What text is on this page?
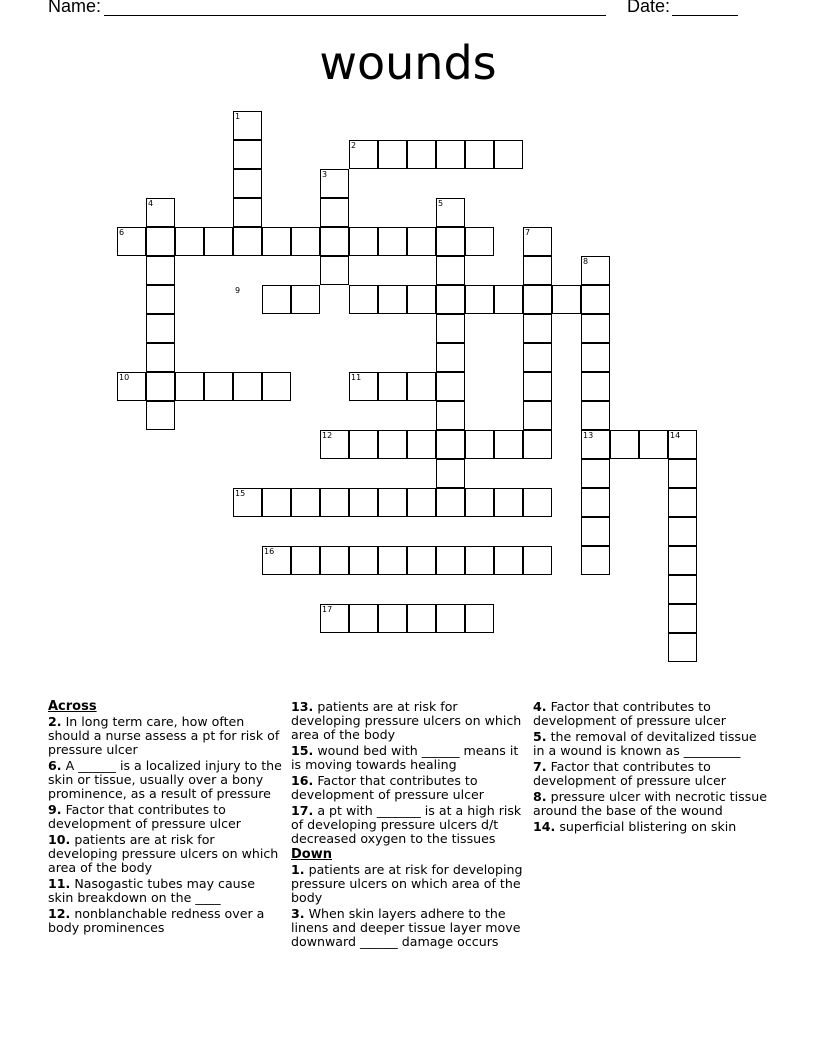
Name:	Date:
wounds
1
2
3
4	5
6	7
8
9
10	11
12	13	14
15
16
17
Across
2. In long term care, how often should a nurse assess a pt for risk of pressure ulcer
6. A ______ is a localized injury to the skin or tissue, usually over a bony prominence, as a result of pressure
9. Factor that contributes to development of pressure ulcer
10. patients are at risk for developing pressure ulcers on which area of the body
11. Nasogastic tubes may cause skin breakdown on the ____
12. nonblanchable redness over a body prominences
13. patients are at risk for developing pressure ulcers on which area of the body
15. wound bed with ______ means it is moving towards healing
16. Factor that contributes to development of pressure ulcer
17. a pt with _______ is at a high risk of developing pressure ulcers d/t decreased oxygen to the tissues
Down
1. patients are at risk for developing pressure ulcers on which area of the body
3. When skin layers adhere to the linens and deeper tissue layer move downward ______ damage occurs
4. Factor that contributes to development of pressure ulcer
5. the removal of devitalized tissue in a wound is known as _________
7. Factor that contributes to development of pressure ulcer
8. pressure ulcer with necrotic tissue around the base of the wound
14. superficial blistering on skin
